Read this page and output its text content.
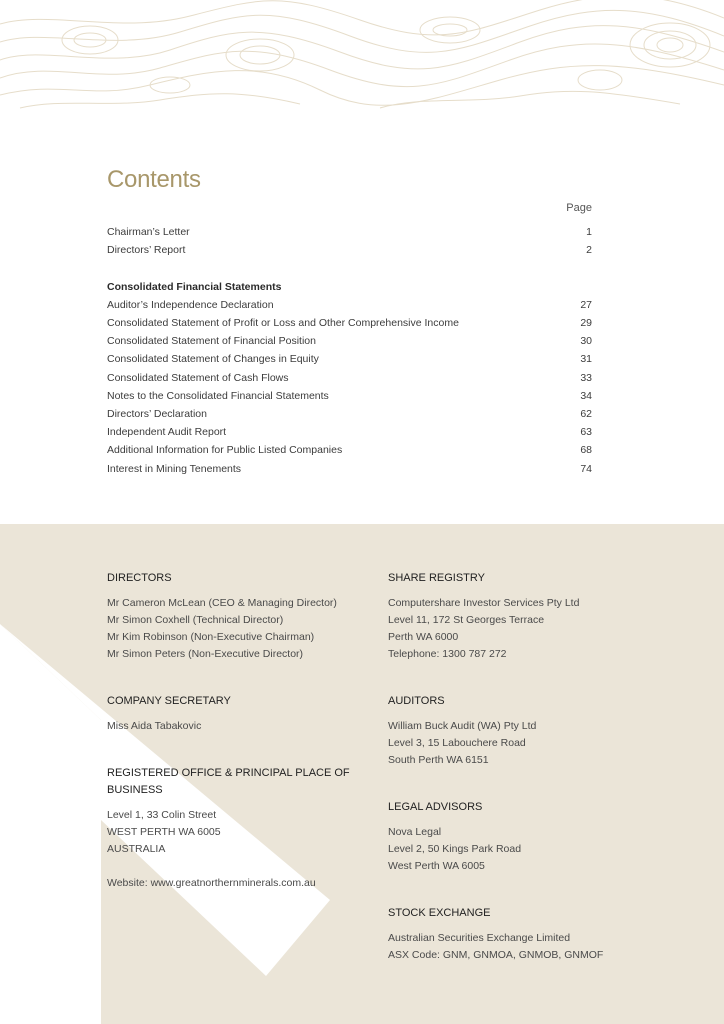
Contents
Page
Chairman’s Letter	1
Directors’ Report	2
Consolidated Financial Statements
Auditor’s Independence Declaration	27
Consolidated Statement of Profit or Loss and Other Comprehensive Income	29
Consolidated Statement of Financial Position	30
Consolidated Statement of Changes in Equity	31
Consolidated Statement of Cash Flows	33
Notes to the Consolidated Financial Statements	34
Directors’ Declaration	62
Independent Audit Report	63
Additional Information for Public Listed Companies	68
Interest in Mining Tenements	74
DIRECTORS
Mr Cameron McLean (CEO & Managing Director)
Mr Simon Coxhell (Technical Director)
Mr Kim Robinson (Non-Executive Chairman)
Mr Simon Peters (Non-Executive Director)
COMPANY SECRETARY
Miss Aida Tabakovic
REGISTERED OFFICE & PRINCIPAL PLACE OF
BUSINESS
Level 1, 33 Colin Street
WEST PERTH WA 6005
AUSTRALIA
Website: www.greatnorthernminerals.com.au
SHARE REGISTRY
Computershare Investor Services Pty Ltd
Level 11, 172 St Georges Terrace
Perth WA 6000
Telephone: 1300 787 272
AUDITORS
William Buck Audit (WA) Pty Ltd
Level 3, 15 Labouchere Road
South Perth WA 6151
LEGAL ADVISORS
Nova Legal
Level 2, 50 Kings Park Road
West Perth WA 6005
STOCK EXCHANGE
Australian Securities Exchange Limited
ASX Code: GNM, GNMOA, GNMOB, GNMOF
